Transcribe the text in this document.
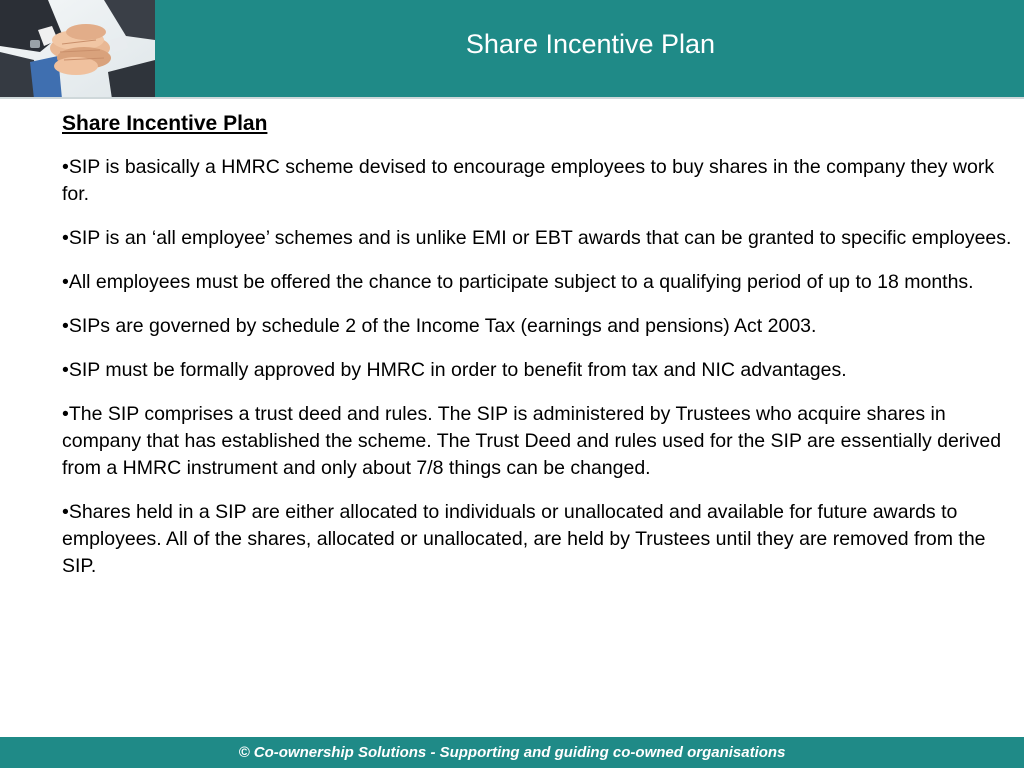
Share Incentive Plan
Share Incentive Plan

•SIP is basically a HMRC scheme devised to encourage employees to buy shares in the company they work for.

•SIP is an ‘all employee’ schemes and is unlike EMI or EBT awards that can be granted to specific employees.

•All employees must be offered the chance to participate subject to a qualifying period of up to 18 months.

•SIPs are governed by schedule 2 of the Income Tax (earnings and pensions) Act 2003.

•SIP must be formally approved by HMRC in order to benefit from tax and NIC advantages.

•The SIP comprises a trust deed and rules. The SIP is administered by Trustees who acquire shares in company that has established the scheme. The Trust Deed and rules used for the SIP are essentially derived from a HMRC instrument and only about 7/8 things can be changed.

•Shares held in a SIP are either allocated to individuals or unallocated and available for future awards to employees. All of the shares, allocated or unallocated, are held by Trustees until they are removed from the SIP.

© Co-ownership Solutions - Supporting and guiding co-owned organisations
